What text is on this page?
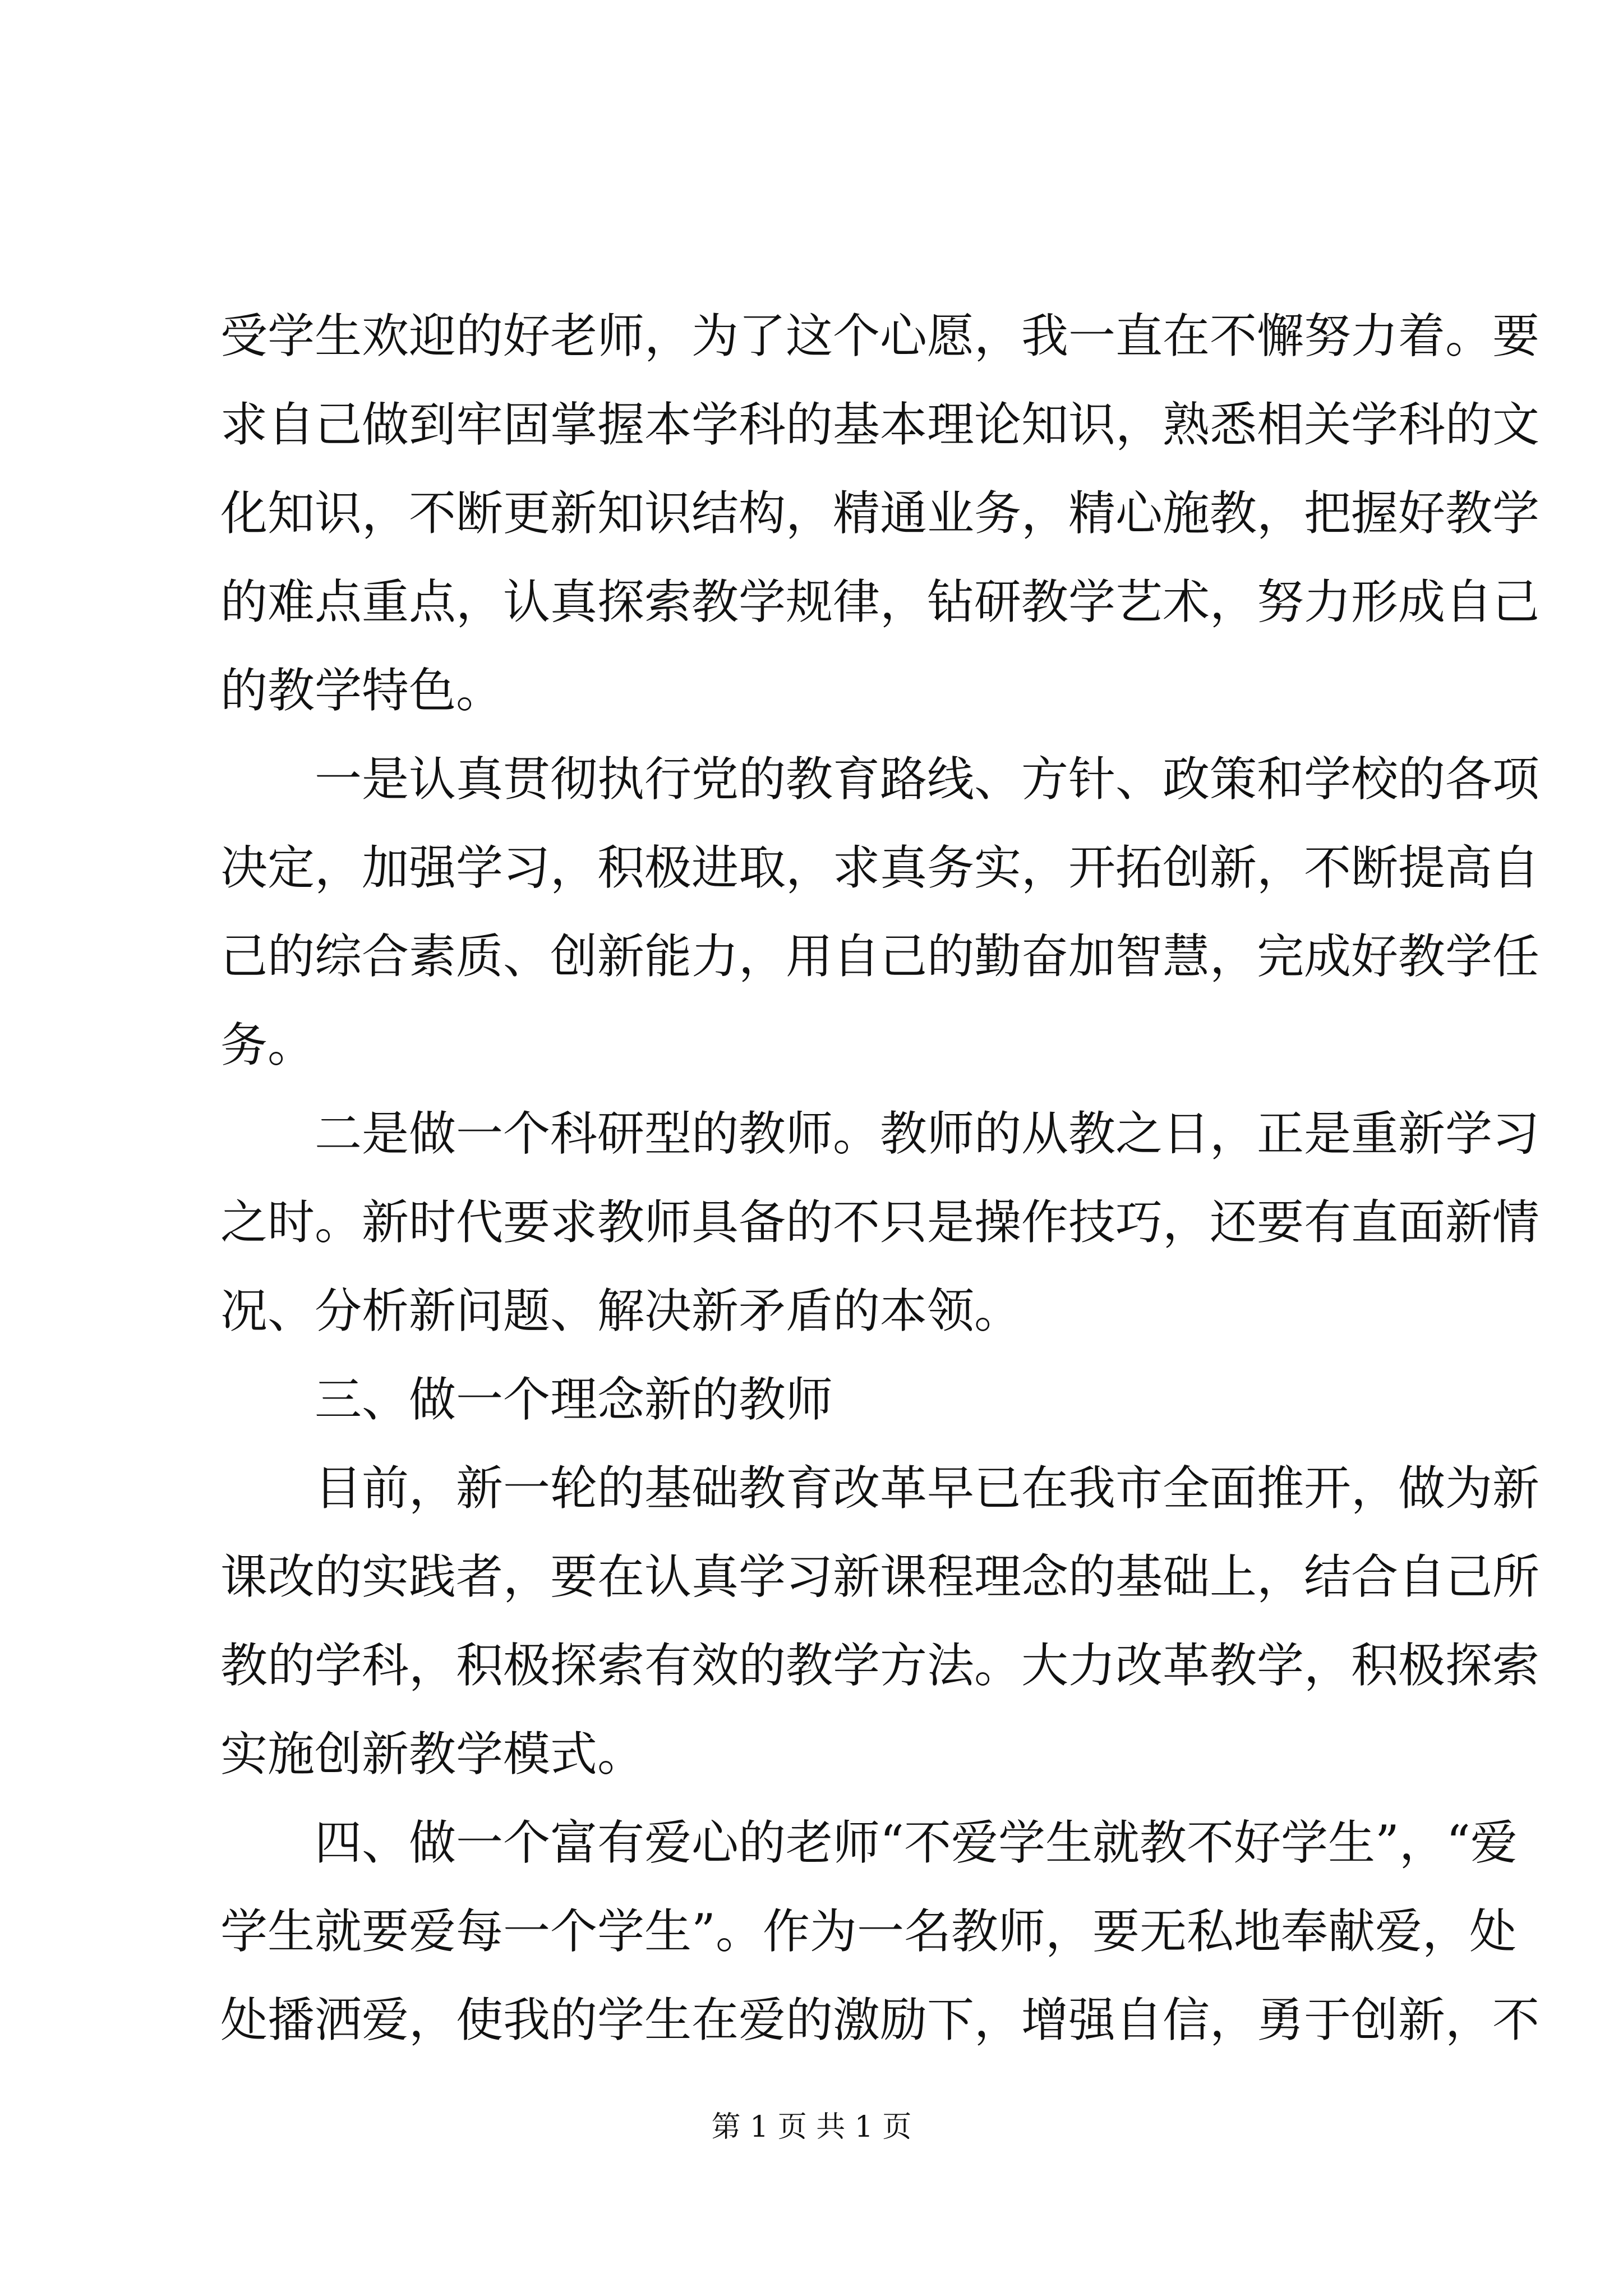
受学生欢迎的好老师，为了这个心愿，我一直在不懈努力着。要
求自己做到牢固掌握本学科的基本理论知识，熟悉相关学科的文
化知识，不断更新知识结构，精通业务，精心施教，把握好教学
的难点重点，认真探索教学规律，钻研教学艺术，努力形成自己
的教学特色。
一是认真贯彻执行党的教育路线、方针、政策和学校的各项
决定，加强学习，积极进取，求真务实，开拓创新，不断提高自
己的综合素质、创新能力，用自己的勤奋加智慧，完成好教学任
务。
二是做一个科研型的教师。教师的从教之日，正是重新学习
之时。新时代要求教师具备的不只是操作技巧，还要有直面新情
况、分析新问题、解决新矛盾的本领。
三、做一个理念新的教师
目前，新一轮的基础教育改革早已在我市全面推开，做为新
课改的实践者，要在认真学习新课程理念的基础上，结合自己所
教的学科，积极探索有效的教学方法。大力改革教学，积极探索
实施创新教学模式。
四、做一个富有爱心的老师“不爱学生就教不好学生”，“爱
学生就要爱每一个学生”。作为一名教师，要无私地奉献爱，处
处播洒爱，使我的学生在爱的激励下，增强自信，勇于创新，不
第 1 页 共 1 页
